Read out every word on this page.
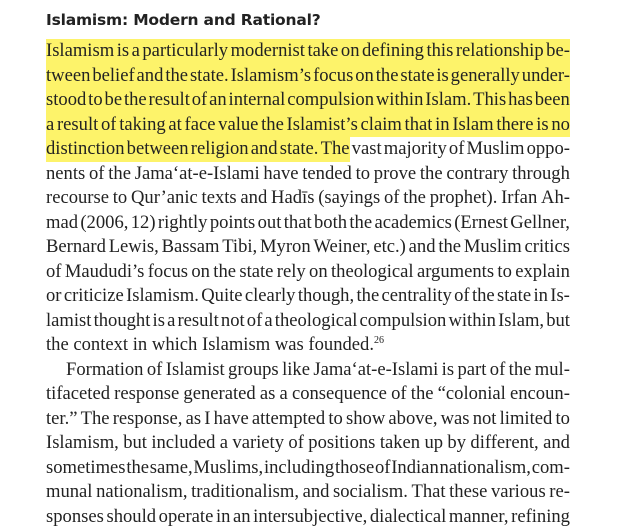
Islamism: Modern and Rational?
Islamism is a particularly modernist take on defining this relationship be-
tween belief and the state. Islamism’s focus on the state is generally under-
stood to be the result of an internal compulsion within Islam. This has been
a result of taking at face value the Islamist’s claim that in Islam there is no
distinction between religion and state. The vast majority of Muslim oppo-
nents of the Jama‘at-e-Islami have tended to prove the contrary through
recourse to Qur’anic texts and Hadīs (sayings of the prophet). Irfan Ah-
mad (2006, 12) rightly points out that both the academics (Ernest Gellner,
Bernard Lewis, Bassam Tibi, Myron Weiner, etc.) and the Muslim critics
of Maududi’s focus on the state rely on theological arguments to explain
or criticize Islamism. Quite clearly though, the centrality of the state in Is-
lamist thought is a result not of a theological compulsion within Islam, but
the
context
in
which
Islamism
was
founded.$^{26}$
Formation of Islamist groups like Jama‘at-e-Islami is part of the mul-
tifaceted response generated as a consequence of the “colonial encoun-
ter.” The response, as I have attempted to show above, was not limited to
Islamism, but included a variety of positions taken up by different, and
sometimes the same, Muslims, including those of Indian nationalism, com-
munal nationalism, traditionalism, and socialism. That these various re-
sponses should operate in an intersubjective, dialectical manner, refining
